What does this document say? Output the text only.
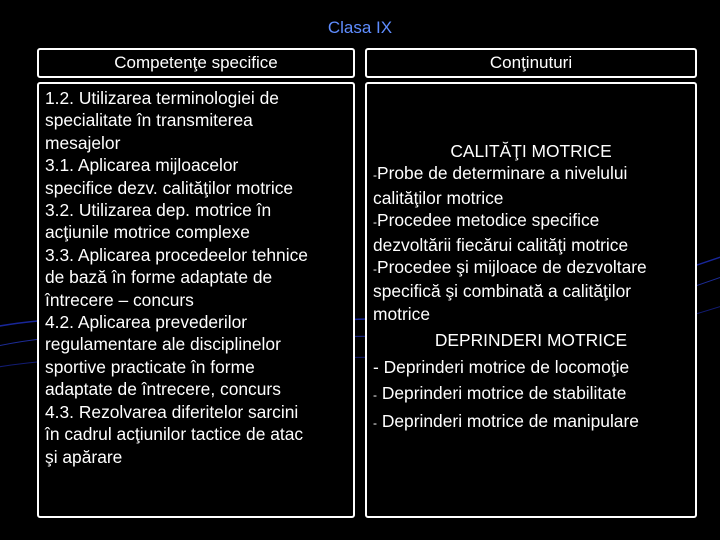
Clasa IX
Competenţe specifice	Conţinuturi
1.2. Utilizarea terminologiei de
specialitate în transmiterea
mesajelor
3.1. Aplicarea mijloacelor
specifice dezv. calităţilor motrice
3.2. Utilizarea dep. motrice în
acţiunile motrice complexe
3.3. Aplicarea procedeelor tehnice
de bază în forme adaptate de
întrecere – concurs
4.2. Aplicarea prevederilor
regulamentare ale disciplinelor
sportive practicate în forme
adaptate de întrecere, concurs
4.3. Rezolvarea diferitelor sarcini
în cadrul acţiunilor tactice de atac
şi apărare
CALITĂŢI MOTRICE
-Probe de determinare a nivelului
calităţilor motrice
-Procedee metodice specifice
dezvoltării fiecărui calităţi motrice
-Procedee şi mijloace de dezvoltare
specifică şi combinată a calităţilor
motrice
DEPRINDERI MOTRICE
- Deprinderi motrice de locomoţie
- Deprinderi motrice de stabilitate
- Deprinderi motrice de manipulare
